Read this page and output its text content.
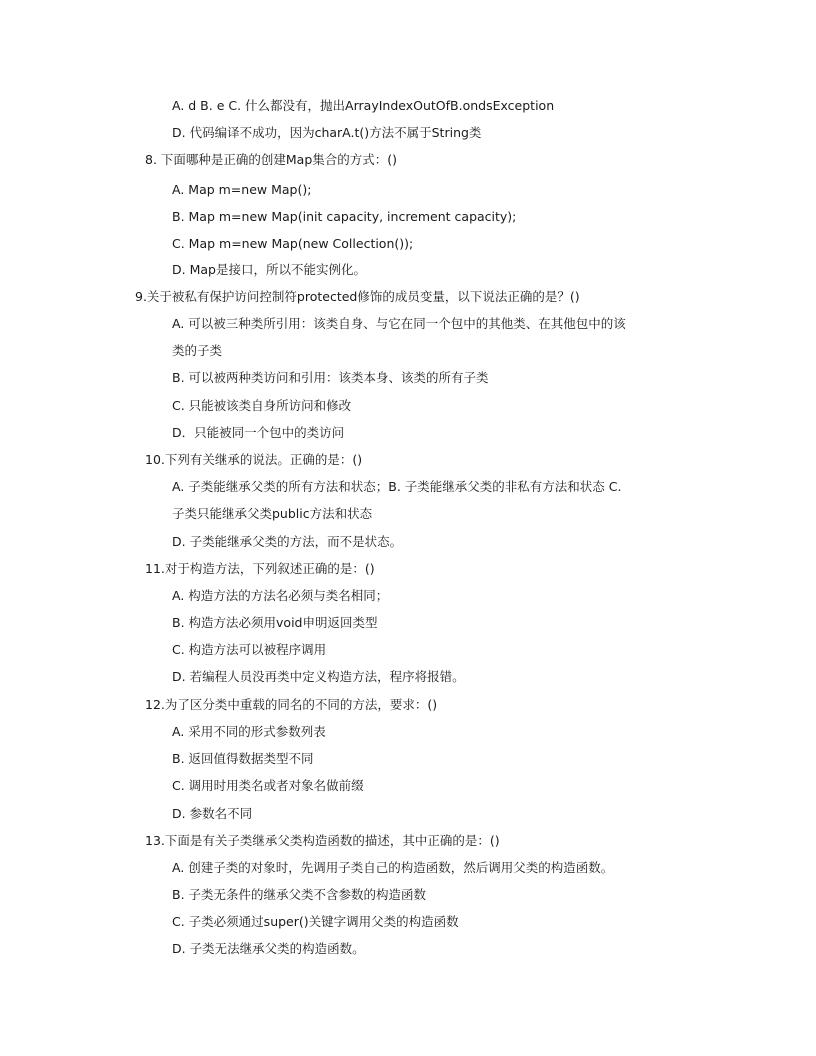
A. d B. e C. 什么都没有，抛出ArrayIndexOutOfB.ondsException
D. 代码编译不成功，因为charA.t()方法不属于String类
8. 下面哪种是正确的创建Map集合的方式：()
A. Map m=new Map();
B. Map m=new Map(init capacity, increment capacity);
C. Map m=new Map(new Collection());
D. Map是接口，所以不能实例化。
9.关于被私有保护访问控制符protected修饰的成员变量，以下说法正确的是？()
A. 可以被三种类所引用：该类自身、与它在同一个包中的其他类、在其他包中的该
类的子类
B. 可以被两种类访问和引用：该类本身、该类的所有子类
C. 只能被该类自身所访问和修改
D．只能被同一个包中的类访问
10.下列有关继承的说法。正确的是：()
A. 子类能继承父类的所有方法和状态；B. 子类能继承父类的非私有方法和状态 C.
子类只能继承父类public方法和状态
D. 子类能继承父类的方法，而不是状态。
11.对于构造方法，下列叙述正确的是：()
A. 构造方法的方法名必须与类名相同；
B. 构造方法必须用void申明返回类型
C. 构造方法可以被程序调用
D. 若编程人员没再类中定义构造方法，程序将报错。
12.为了区分类中重载的同名的不同的方法，要求：()
A. 采用不同的形式参数列表
B. 返回值得数据类型不同
C. 调用时用类名或者对象名做前缀
D. 参数名不同
13.下面是有关子类继承父类构造函数的描述，其中正确的是：()
A. 创建子类的对象时，先调用子类自己的构造函数，然后调用父类的构造函数。
B. 子类无条件的继承父类不含参数的构造函数
C. 子类必须通过super()关键字调用父类的构造函数
D. 子类无法继承父类的构造函数。
